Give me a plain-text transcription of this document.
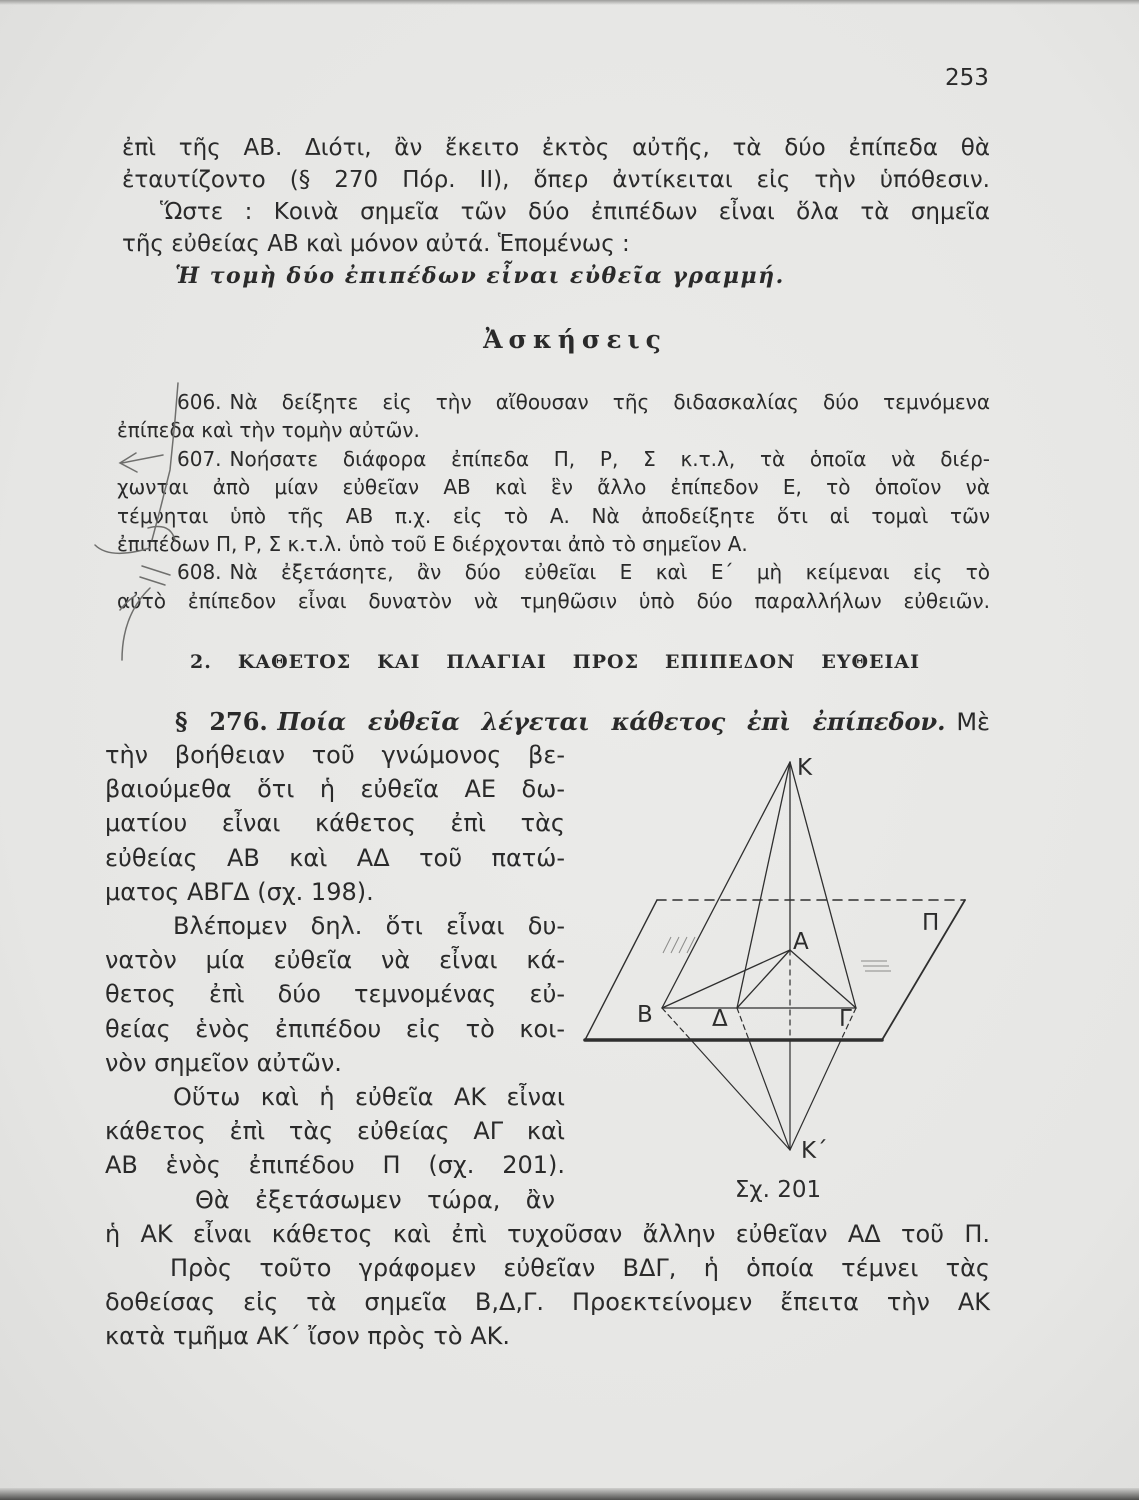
253
ἐπὶ τῆς ΑΒ. Διότι, ἂν ἔκειτο ἐκτὸς αὐτῆς, τὰ δύο ἐπίπεδα θὰ
ἐταυτίζοντο (§ 270 Πόρ. ΙΙ), ὅπερ ἀντίκειται εἰς τὴν ὑπόθεσιν.
Ὥστε : Κοινὰ σημεῖα τῶν δύο ἐπιπέδων εἶναι ὅλα τὰ σημεῖα
τῆς εὐθείας ΑΒ καὶ μόνον αὐτά. Ἑπομένως :
Ἡ τομὴ δύο ἐπιπέδων εἶναι εὐθεῖα γραμμή.
Ἀσκήσεις
606. Νὰ δείξητε εἰς τὴν αἴθουσαν τῆς διδασκαλίας δύο τεμνόμενα
ἐπίπεδα καὶ τὴν τομὴν αὐτῶν.
607. Νοήσατε διάφορα ἐπίπεδα Π, Ρ, Σ κ.τ.λ, τὰ ὁποῖα νὰ διέρ-
χωνται ἀπὸ μίαν εὐθεῖαν ΑΒ καὶ ἓν ἄλλο ἐπίπεδον Ε, τὸ ὁποῖον νὰ
τέμνηται ὑπὸ τῆς ΑΒ π.χ. εἰς τὸ Α. Νὰ ἀποδείξητε ὅτι αἱ τομαὶ τῶν
ἐπιπέδων Π, Ρ, Σ κ.τ.λ. ὑπὸ τοῦ Ε διέρχονται ἀπὸ τὸ σημεῖον Α.
608. Νὰ ἐξετάσητε, ἂν δύο εὐθεῖαι Ε καὶ Ε΄ μὴ κείμεναι εἰς τὸ
αὐτὸ ἐπίπεδον εἶναι δυνατὸν νὰ τμηθῶσιν ὑπὸ δύο παραλλήλων εὐθειῶν.
2. ΚΑΘΕΤΟΣ ΚΑΙ ΠΛΑΓΙΑΙ ΠΡΟΣ ΕΠΙΠΕΔΟΝ ΕΥΘΕΙΑΙ
§ 276. Ποία εὐθεῖα λέγεται κάθετος ἐπὶ ἐπίπεδον. Μὲ
τὴν βοήθειαν τοῦ γνώμονος βε-
βαιούμεθα ὅτι ἡ εὐθεῖα ΑΕ δω-
ματίου εἶναι κάθετος ἐπὶ τὰς
εὐθείας ΑΒ καὶ ΑΔ τοῦ πατώ-
ματος ΑΒΓΔ (σχ. 198).
Βλέπομεν δηλ. ὅτι εἶναι δυ-
νατὸν μία εὐθεῖα νὰ εἶναι κά-
θετος ἐπὶ δύο τεμνομένας εὐ-
θείας ἑνὸς ἐπιπέδου εἰς τὸ κοι-
νὸν σημεῖον αὐτῶν.
Οὕτω καὶ ἡ εὐθεῖα ΑΚ εἶναι
κάθετος ἐπὶ τὰς εὐθείας ΑΓ καὶ
ΑΒ ἑνὸς ἐπιπέδου Π (σχ. 201).
Θὰ ἐξετάσωμεν τώρα, ἂν
ἡ ΑΚ εἶναι κάθετος καὶ ἐπὶ τυχοῦσαν ἄλλην εὐθεῖαν ΑΔ τοῦ Π.
Πρὸς τοῦτο γράφομεν εὐθεῖαν ΒΔΓ, ἡ ὁποία τέμνει τὰς
δοθείσας εἰς τὰ σημεῖα Β,Δ,Γ. Προεκτείνομεν ἔπειτα τὴν ΑΚ
κατὰ τμῆμα ΑΚ΄ ἴσον πρὸς τὸ ΑΚ.
Κ
Π
Α
Β	Δ	Γ
Κ΄
Σχ. 201
